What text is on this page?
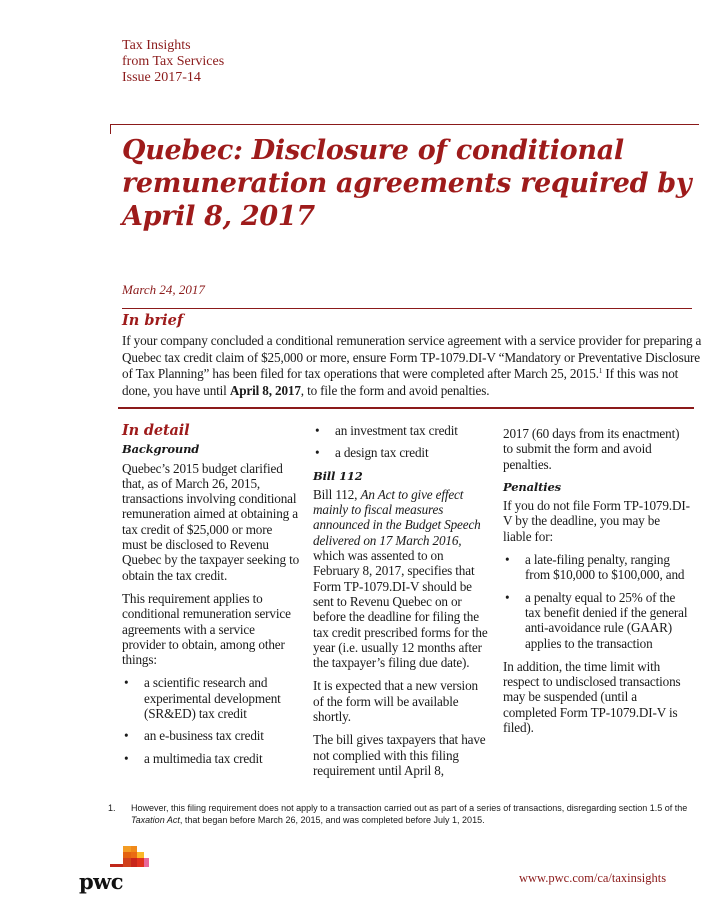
Tax Insights
from Tax Services
Issue 2017-14
Quebec: Disclosure of conditional remuneration agreements required by April 8, 2017
March 24, 2017
In brief
If your company concluded a conditional remuneration service agreement with a service provider for preparing a Quebec tax credit claim of $25,000 or more, ensure Form TP-1079.DI-V “Mandatory or Preventative Disclosure of Tax Planning” has been filed for tax operations that were completed after March 25, 2015.$^1$ If this was not done, you have until April 8, 2017, to file the form and avoid penalties.
In detail
Background

Quebec’s 2015 budget clarified that, as of March 26, 2015, transactions involving conditional remuneration aimed at obtaining a tax credit of $25,000 or more must be disclosed to Revenu Quebec by the taxpayer seeking to obtain the tax credit.

This requirement applies to conditional remuneration service agreements with a service provider to obtain, among other things:

• a scientific research and experimental development (SR&ED) tax credit
• an e-business tax credit
• a multimedia tax credit
• an investment tax credit
• a design tax credit
Bill 112

Bill 112, An Act to give effect mainly to fiscal measures announced in the Budget Speech delivered on 17 March 2016, which was assented to on February 8, 2017, specifies that Form TP-1079.DI-V should be sent to Revenu Quebec on or before the deadline for filing the tax credit prescribed forms for the year (i.e. usually 12 months after the taxpayer’s filing due date).

It is expected that a new version of the form will be available shortly.

The bill gives taxpayers that have not complied with this filing requirement until April 8,

2017 (60 days from its enactment) to submit the form and avoid penalties.

Penalties

If you do not file Form TP-1079.DI-V by the deadline, you may be liable for:

• a late-filing penalty, ranging from $10,000 to $100,000, and
• a penalty equal to 25% of the tax benefit denied if the general anti-avoidance rule (GAAR) applies to the transaction

In addition, the time limit with respect to undisclosed transactions may be suspended (until a completed Form TP-1079.DI-V is filed).

1. However, this filing requirement does not apply to a transaction carried out as part of a series of transactions, disregarding section 1.5 of the Taxation Act, that began before March 26, 2015, and was completed before July 1, 2015.
pwc	www.pwc.com/ca/taxinsights
